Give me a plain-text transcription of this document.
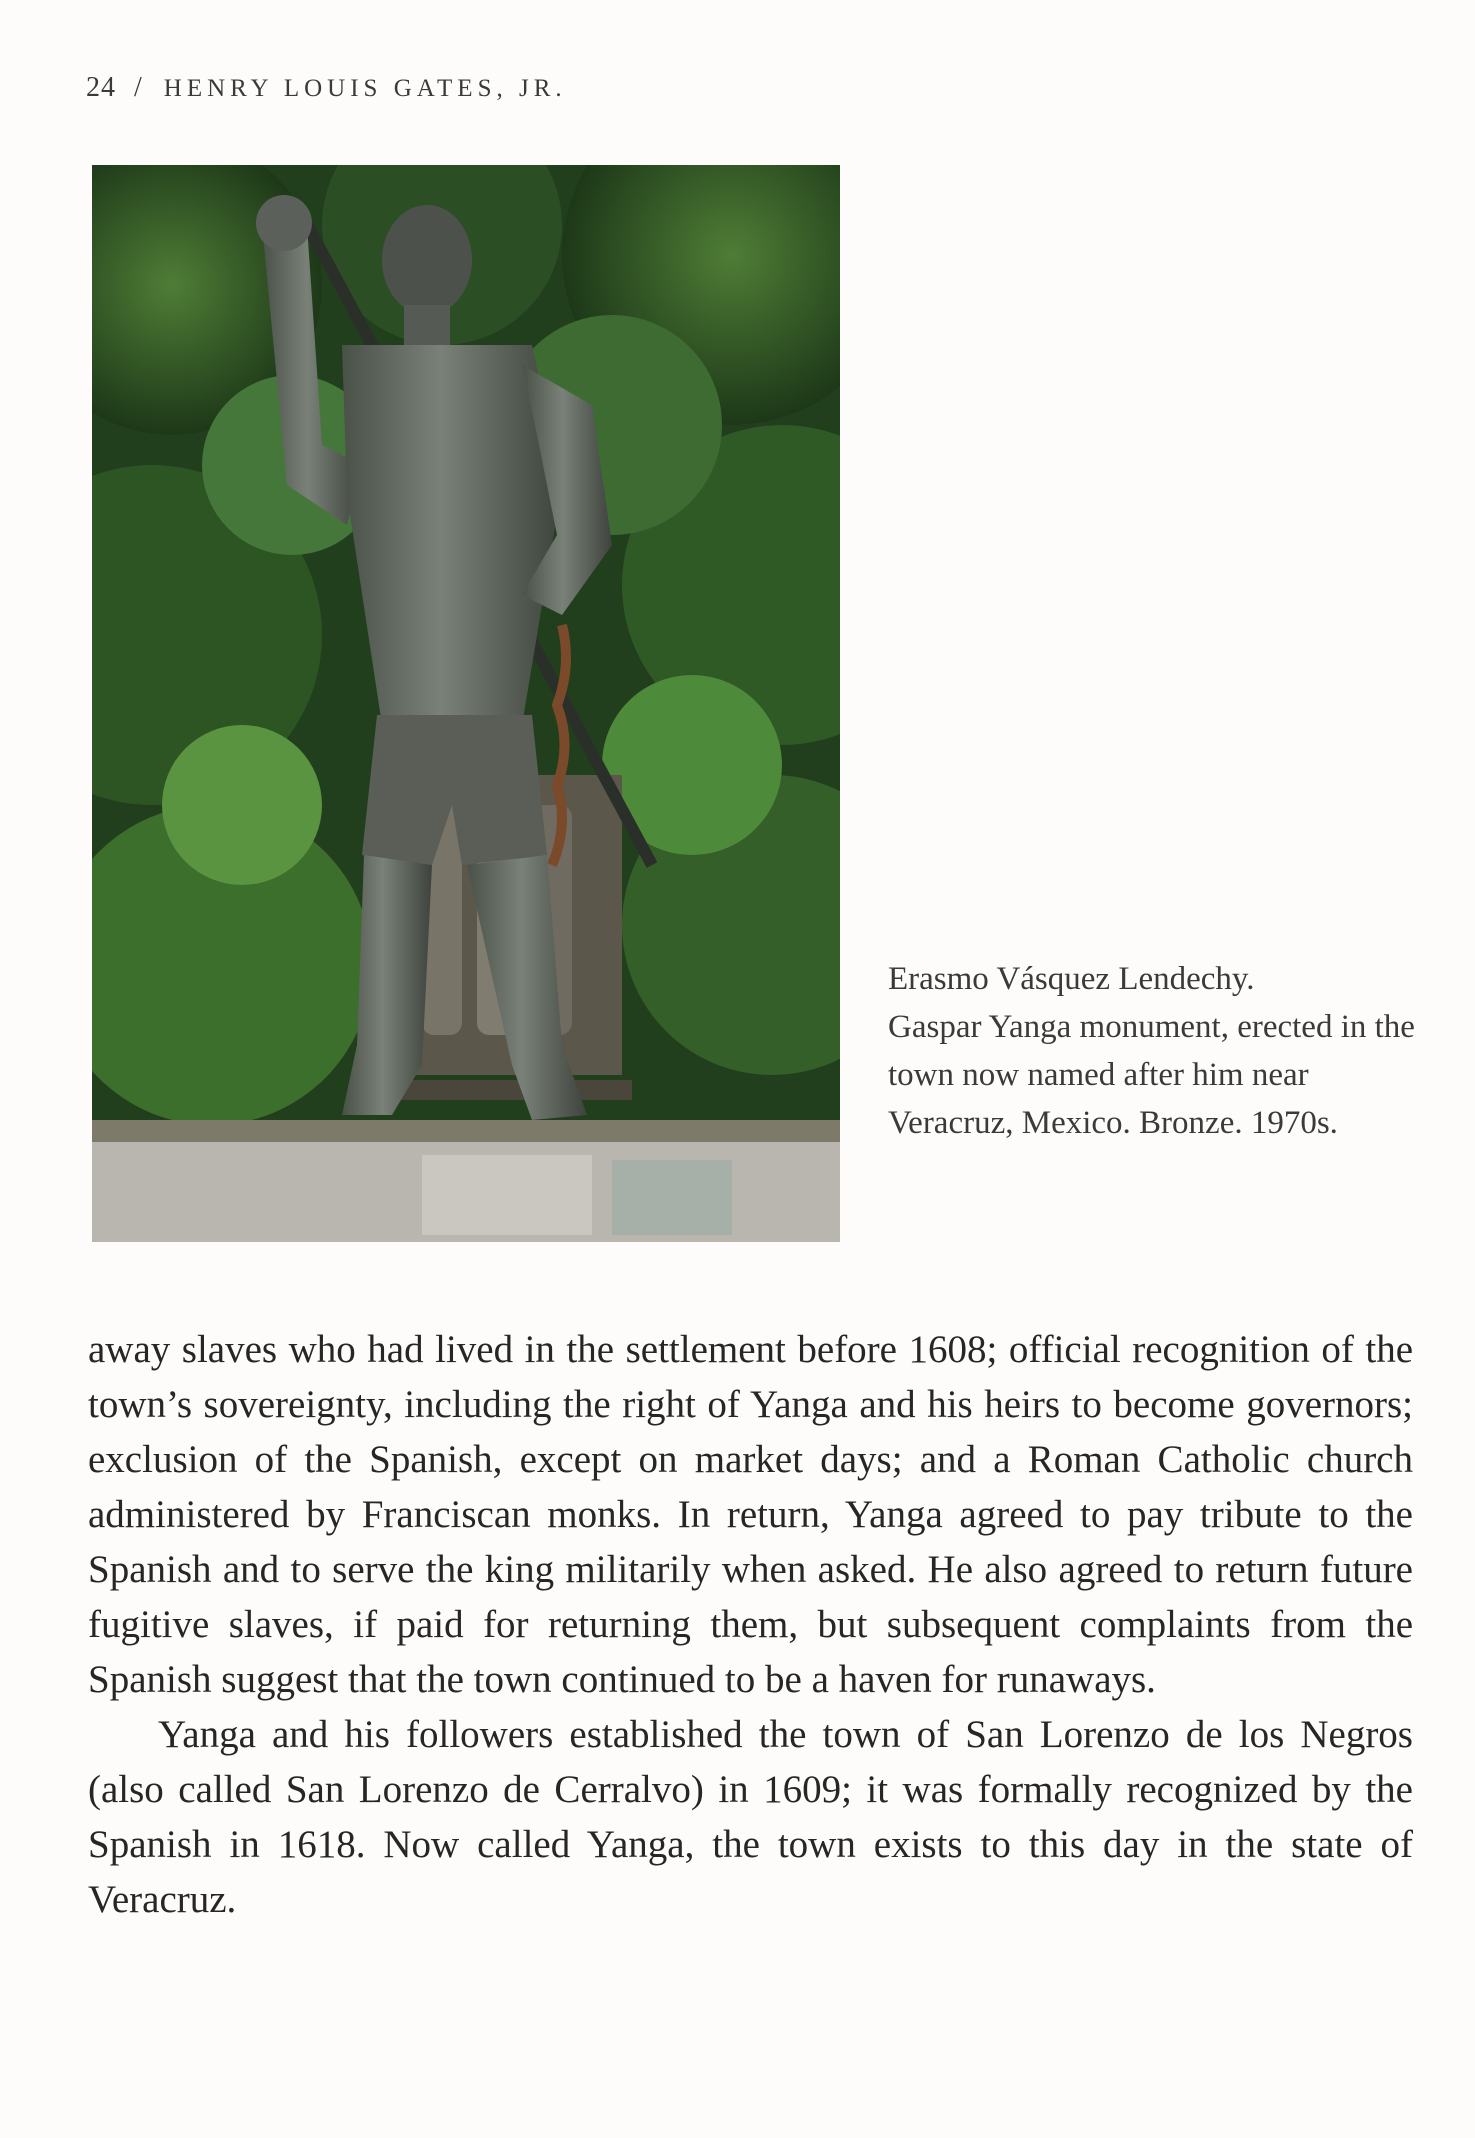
24 / HENRY LOUIS GATES, JR.

Erasmo Vásquez Lendechy.

Gaspar Yanga monument, erected in the town now named after him near Veracruz, Mexico. Bronze. 1970s.

away slaves who had lived in the settlement before 1608; official recognition of the town’s sovereignty, including the right of Yanga and his heirs to become governors; exclusion of the Spanish, except on market days; and a Roman Catholic church administered by Franciscan monks. In return, Yanga agreed to pay tribute to the Spanish and to serve the king militarily when asked. He also agreed to return future fugitive slaves, if paid for returning them, but subsequent complaints from the Spanish suggest that the town continued to be a haven for runaways.

Yanga and his followers established the town of San Lorenzo de los Negros (also called San Lorenzo de Cerralvo) in 1609; it was formally recognized by the Spanish in 1618. Now called Yanga, the town exists to this day in the state of Veracruz.
